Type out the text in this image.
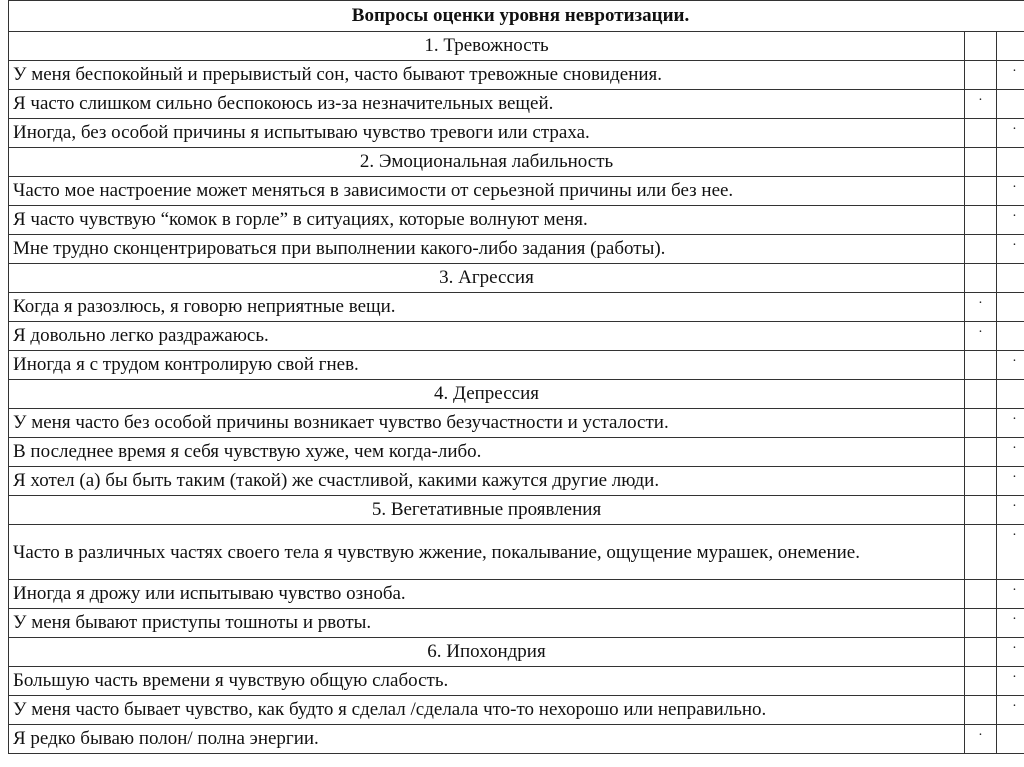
Вопросы оценки уровня невротизации.		
1. Тревожность		
У меня беспокойный и прерывистый сон, часто бывают тревожные сновидения.		·
Я часто слишком сильно беспокоюсь из-за незначительных вещей.	·	
Иногда, без особой причины я испытываю чувство тревоги или страха.		·
2. Эмоциональная лабильность		
Часто мое настроение может меняться в зависимости от серьезной причины или без нее.		·
Я часто чувствую “комок в горле” в ситуациях, которые волнуют меня.		·
Мне трудно сконцентрироваться при выполнении какого-либо задания (работы).		·
3. Агрессия		
Когда я разозлюсь, я говорю неприятные вещи.	·	
Я довольно легко раздражаюсь.	·	
Иногда я с трудом контролирую свой гнев.		·
4. Депрессия		
У меня часто без особой причины возникает чувство безучастности и усталости.		·
В последнее время я себя чувствую хуже, чем когда-либо.		·
Я хотел (а) бы быть таким (такой) же счастливой, какими кажутся другие люди.		·
5. Вегетативные проявления		·
Часто в различных частях своего тела я чувствую жжение, покалывание, ощущение мурашек, онемение.		·
Иногда я дрожу или испытываю чувство озноба.		·
У меня бывают приступы тошноты и рвоты.		·
6. Ипохондрия		·
Большую часть времени я чувствую общую слабость.		·
У меня часто бывает чувство, как будто я сделал /сделала что-то нехорошо или неправильно.		·
Я редко бываю полон/ полна энергии.	·	
